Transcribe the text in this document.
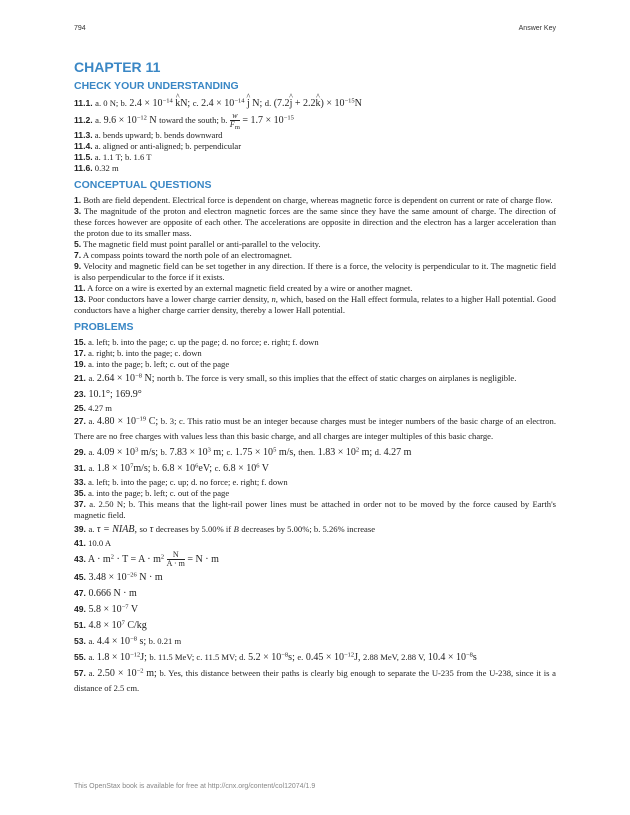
794	Answer Key
CHAPTER 11
CHECK YOUR UNDERSTANDING

11.1. a. 0 N; b. $2.4 \times 10^{-14}$ ^ kN; c. $2.4 \times 10^{-14}$ ^ j N; d. (7.2^ j + 2.2^ $k) \times 10^{-15}N$

11.2. a. $9.6 \times 10^{-12}$ N toward the south; b. $\frac{w}{F_m} = 1.7 \times 10^{-15}$

11.3. a. bends upward; b. bends downward

11.4. a. aligned or anti-aligned; b. perpendicular

11.5. a. 1.1 T; b. 1.6 T

11.6. 0.32 m

CONCEPTUAL QUESTIONS

1. Both are field dependent. Electrical force is dependent on charge, whereas magnetic force is dependent on current or rate of charge flow.

3. The magnitude of the proton and electron magnetic forces are the same since they have the same amount of charge. The direction of these forces however are opposite of each other. The accelerations are opposite in direction and the electron has a larger acceleration than the proton due to its smaller mass.

5. The magnetic field must point parallel or anti-parallel to the velocity.

7. A compass points toward the north pole of an electromagnet.

9. Velocity and magnetic field can be set together in any direction. If there is a force, the velocity is perpendicular to it. The magnetic field is also perpendicular to the force if it exists.

11. A force on a wire is exerted by an external magnetic field created by a wire or another magnet.

13. Poor conductors have a lower charge carrier density, n, which, based on the Hall effect formula, relates to a higher Hall potential. Good conductors have a higher charge carrier density, thereby a lower Hall potential.

PROBLEMS

15. a. left; b. into the page; c. up the page; d. no force; e. right; f. down

17. a. right; b. into the page; c. down

19. a. into the page; b. left; c. out of the page

21. a. $2.64 \times 10^{-8}$ N; north b. The force is very small, so this implies that the effect of static charges on airplanes is negligible.

23. 10.1°; 169.9°

25. 4.27 m

27. a. $4.80 \times 10^{-19}$ C; b. 3; c. This ratio must be an integer because charges must be integer numbers of the basic charge of an electron. There are no free charges with values less than this basic charge, and all charges are integer multiples of this basic charge.

29. a. $4.09 \times 10^3$ m/s; b. $7.83 \times 10^3$ m; c. $1.75 \times 10^5$ m/s, then. $1.83 \times 10^2$ m; d. 4.27 m

31. a. $1.8 \times 10^7m/s$; b. $6.8 \times 10^6eV$; c. $6.8 \times 10^6$ V

33. a. left; b. into the page; c. up; d. no force; e. right; f. down

35. a. into the page; b. left; c. out of the page

37. a. 2.50 N; b. This means that the light-rail power lines must be attached in order not to be moved by the force caused by Earth's magnetic field.

39. a. τ = NIAB, so τ decreases by 5.00% if B decreases by 5.00%; b. 5.26% increase

41. 10.0 A

43. $A \cdot m^2 \cdot T = A \cdot m^2 \frac{N}{A \cdot m} = N \cdot m$

45. $3.48 \times 10^{-26}$ N · m

47. 0.666 N · m

49. $5.8 \times 10^{-7}$ V

51. $4.8 \times 10^7$ C/kg

53. a. $4.4 \times 10^{-8}$ s; b. 0.21 m

55. a. $1.8 \times 10^{-12}J$; b. 11.5 MeV; c. 11.5 MV; d. $5.2 \times 10^{-8}s$; e. $0.45 \times 10^{-12}J$, 2.88 MeV, 2.88 V, $10.4 \times 10^{-8}s$

57. a. $2.50 \times 10^{-2}$ m; b. Yes, this distance between their paths is clearly big enough to separate the U-235 from the U-238, since it is a distance of 2.5 cm.

This OpenStax book is available for free at http://cnx.org/content/col12074/1.9
